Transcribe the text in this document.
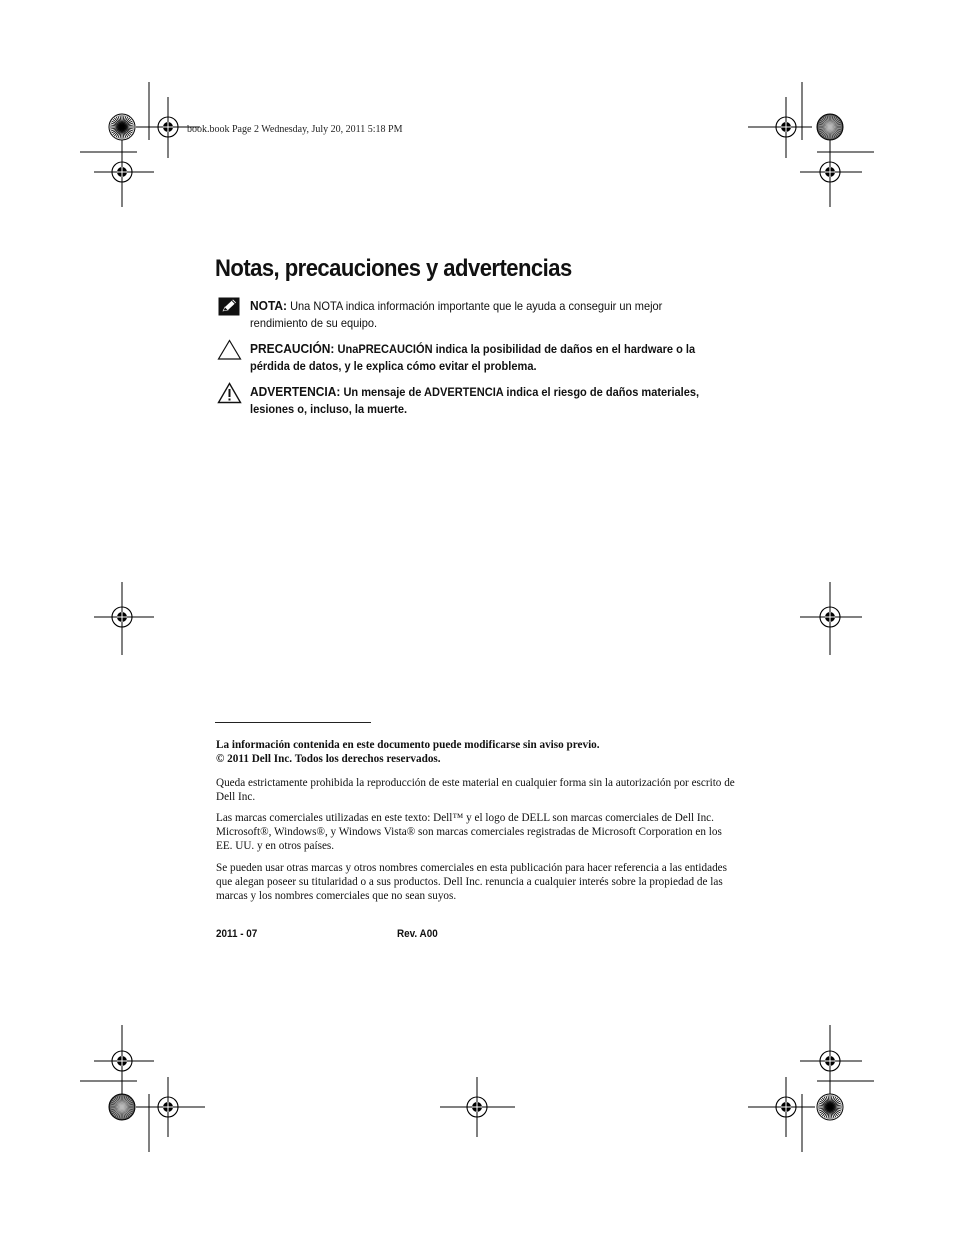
book.book Page 2 Wednesday, July 20, 2011 5:18 PM
Notas, precauciones y advertencias

NOTA: Una NOTA indica información importante que le ayuda a conseguir un mejor rendimiento de su equipo.

PRECAUCIÓN: UnaPRECAUCIÓN indica la posibilidad de daños en el hardware o la pérdida de datos, y le explica cómo evitar el problema.

ADVERTENCIA: Un mensaje de ADVERTENCIA indica el riesgo de daños materiales, lesiones o, incluso, la muerte.

La información contenida en este documento puede modificarse sin aviso previo.

© 2011 Dell Inc. Todos los derechos reservados.

Queda estrictamente prohibida la reproducción de este material en cualquier forma sin la autorización por escrito de Dell Inc.

Las marcas comerciales utilizadas en este texto: Dell™ y el logo de DELL son marcas comerciales de Dell Inc. Microsoft®, Windows®, y Windows Vista® son marcas comerciales registradas de Microsoft Corporation en los EE. UU. y en otros países.

Se pueden usar otras marcas y otros nombres comerciales en esta publicación para hacer referencia a las entidades que alegan poseer su titularidad o a sus productos. Dell Inc. renuncia a cualquier interés sobre la propiedad de las marcas y los nombres comerciales que no sean suyos.

2011 - 07	Rev. A00
